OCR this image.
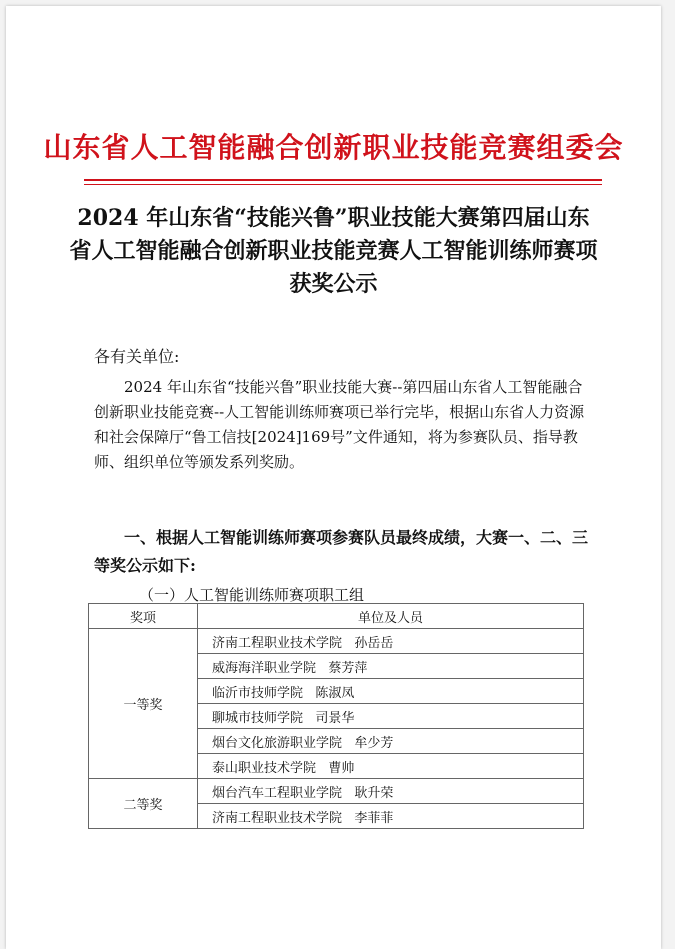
山东省人工智能融合创新职业技能竞赛组委会
2024 年山东省“技能兴鲁”职业技能大赛第四届山东省人工智能融合创新职业技能竞赛人工智能训练师赛项获奖公示
各有关单位:
2024 年山东省“技能兴鲁”职业技能大赛--第四届山东省人工智能融合创新职业技能竞赛--人工智能训练师赛项已举行完毕，根据山东省人力资源和社会保障厅“鲁工信技[2024]169号”文件通知，将为参赛队员、指导教师、组织单位等颁发系列奖励。
一、根据人工智能训练师赛项参赛队员最终成绩，大赛一、二、三等奖公示如下:
（一）人工智能训练师赛项职工组
奖项	单位及人员
一等奖	济南工程职业技术学院   孙岳岳
	威海海洋职业学院   蔡芳萍
	临沂市技师学院   陈淑凤
	聊城市技师学院   司景华
	烟台文化旅游职业学院   牟少芳
	泰山职业技术学院   曹帅
二等奖	烟台汽车工程职业学院   耿升荣
	济南工程职业技术学院   李菲菲
